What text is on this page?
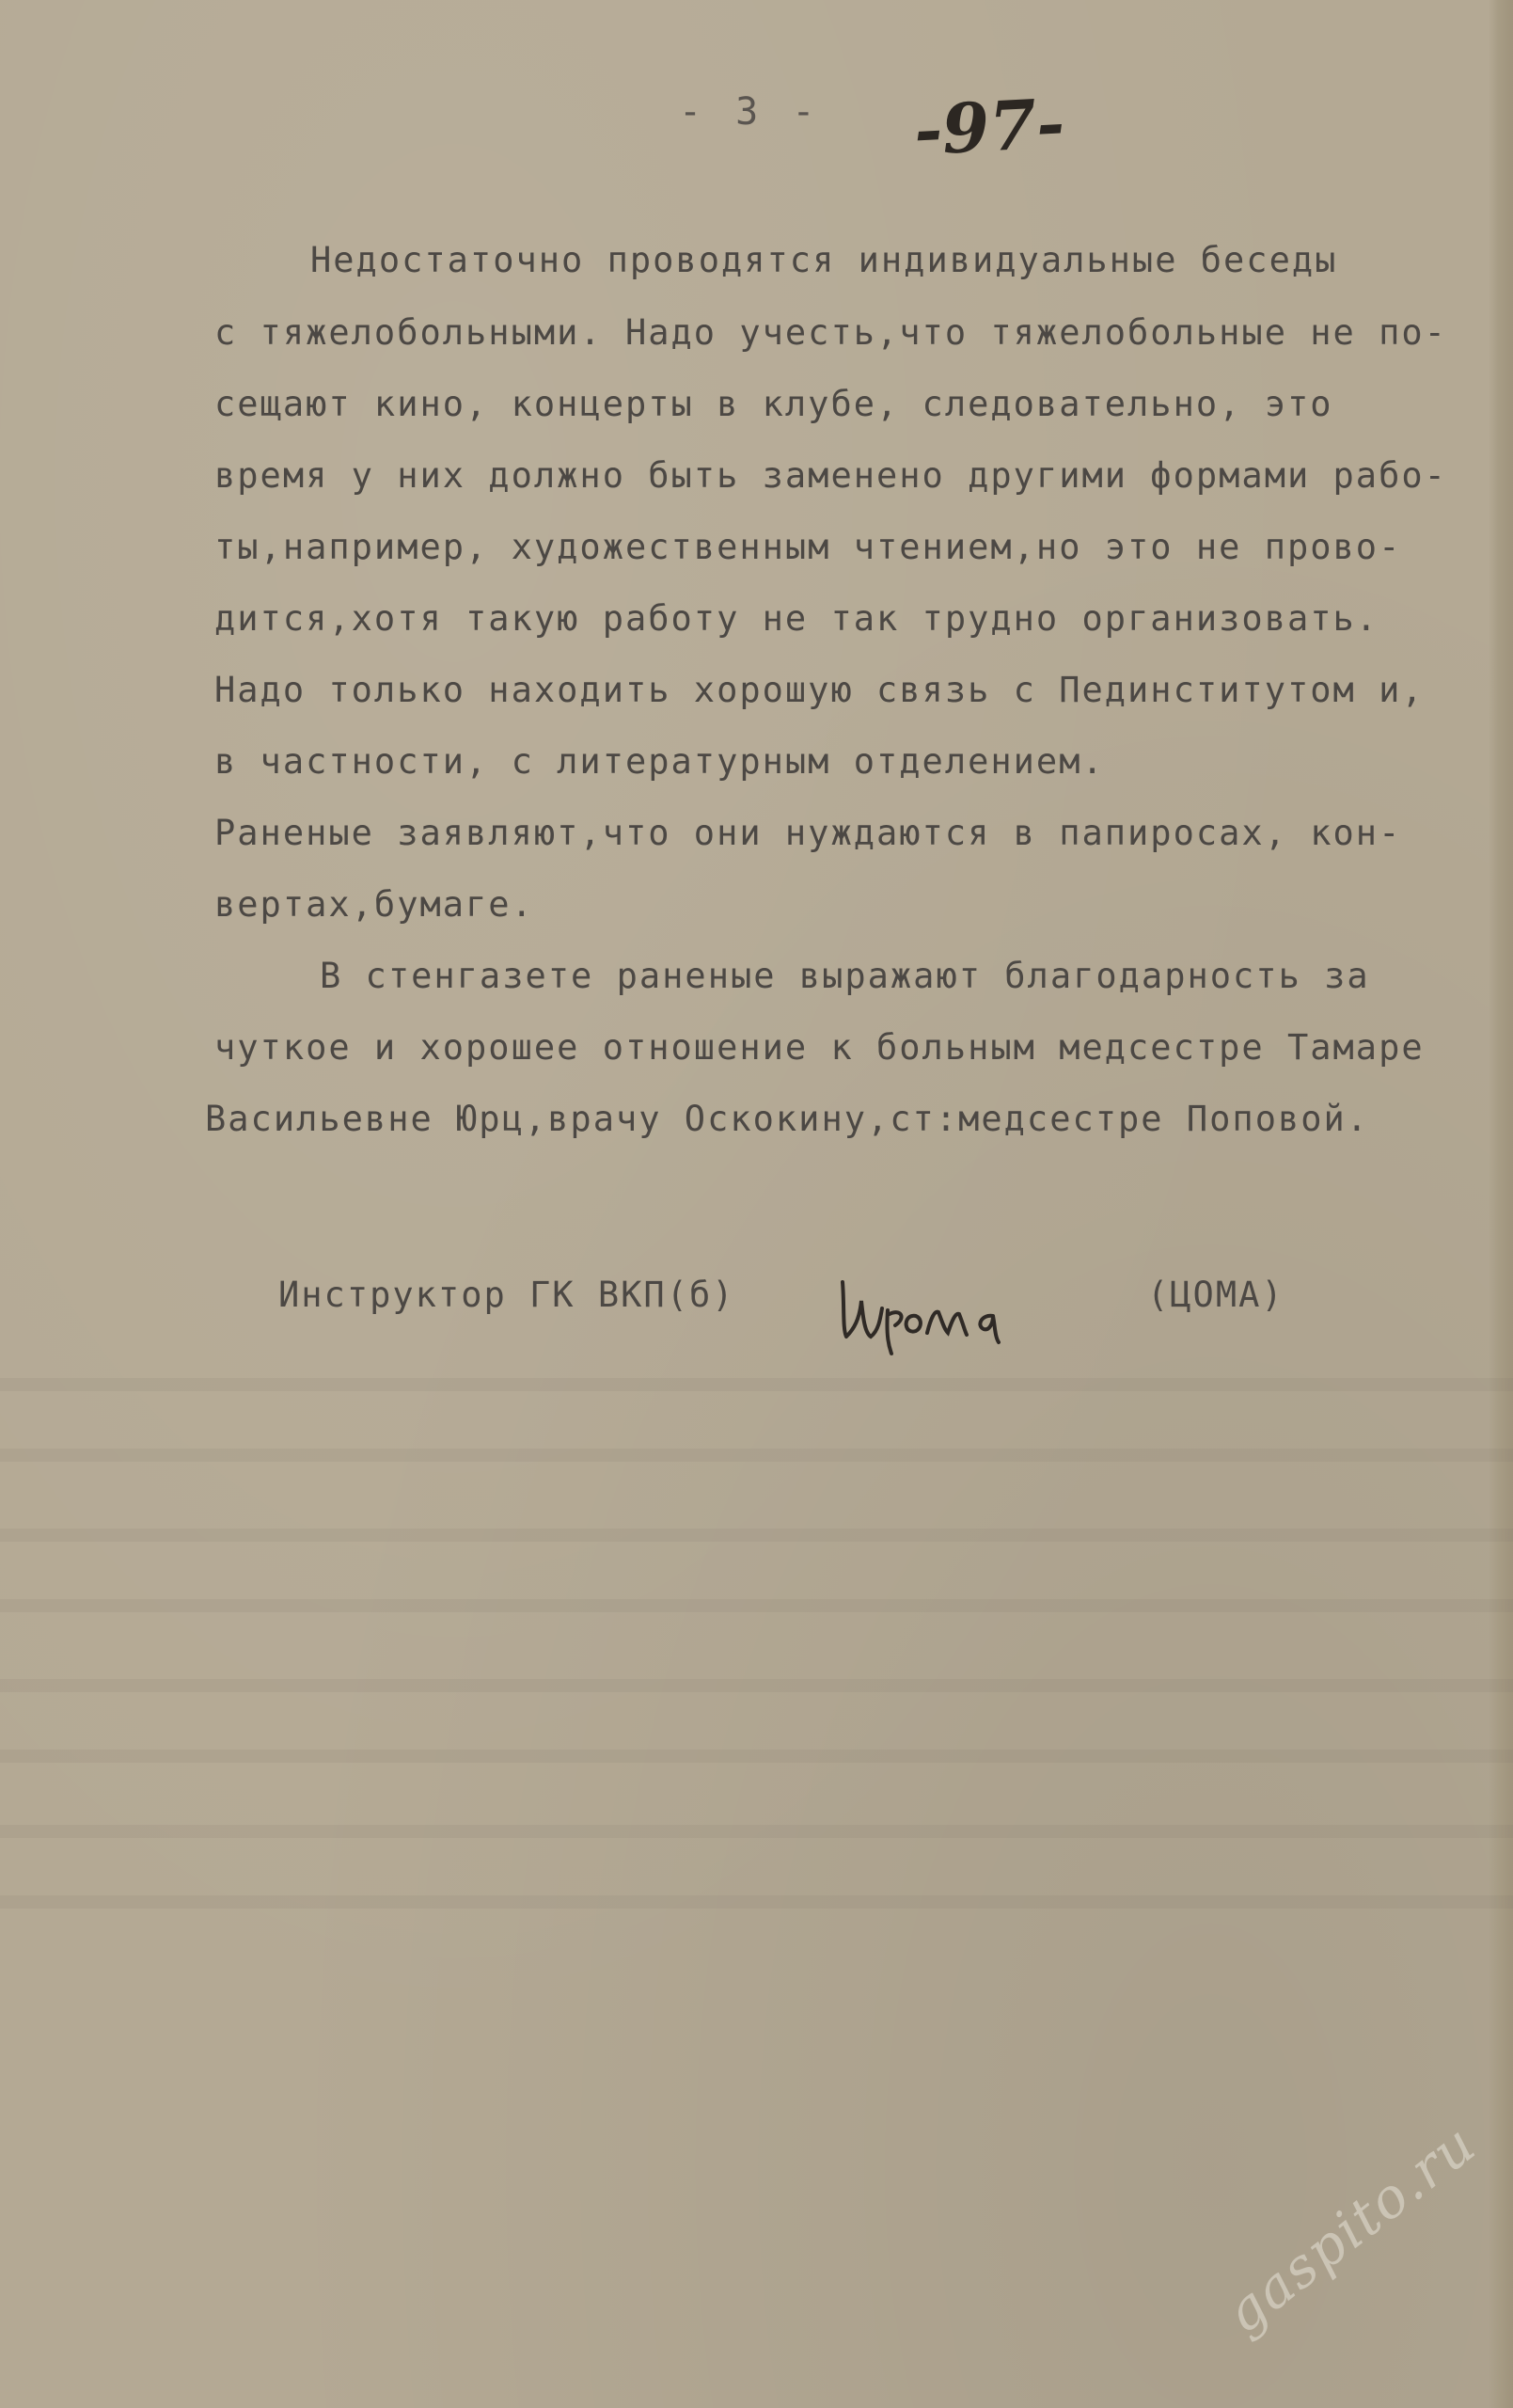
- 3 - -97-
Недостаточно проводятся индивидуальные беседы
с тяжелобольными. Надо учесть,что тяжелобольные не по-
сещают кино, концерты в клубе, следовательно, это
время у них должно быть заменено другими формами рабо-
ты,например, художественным чтением,но это не прово-
дится,хотя такую работу не так трудно организовать.
Надо только находить хорошую связь с Пединститутом и,
в частности, с литературным отделением.
Раненые заявляют,что они нуждаются в папиросах, кон-
вертах,бумаге.
В стенгазете раненые выражают благодарность за
чуткое и хорошее отношение к больным медсестре Тамаре
Васильевне Юрц,врачу Оскокину,ст:медсестре Поповой.
Инструктор ГК ВКП(б)	(ЦОМА)
gaspito.ru
